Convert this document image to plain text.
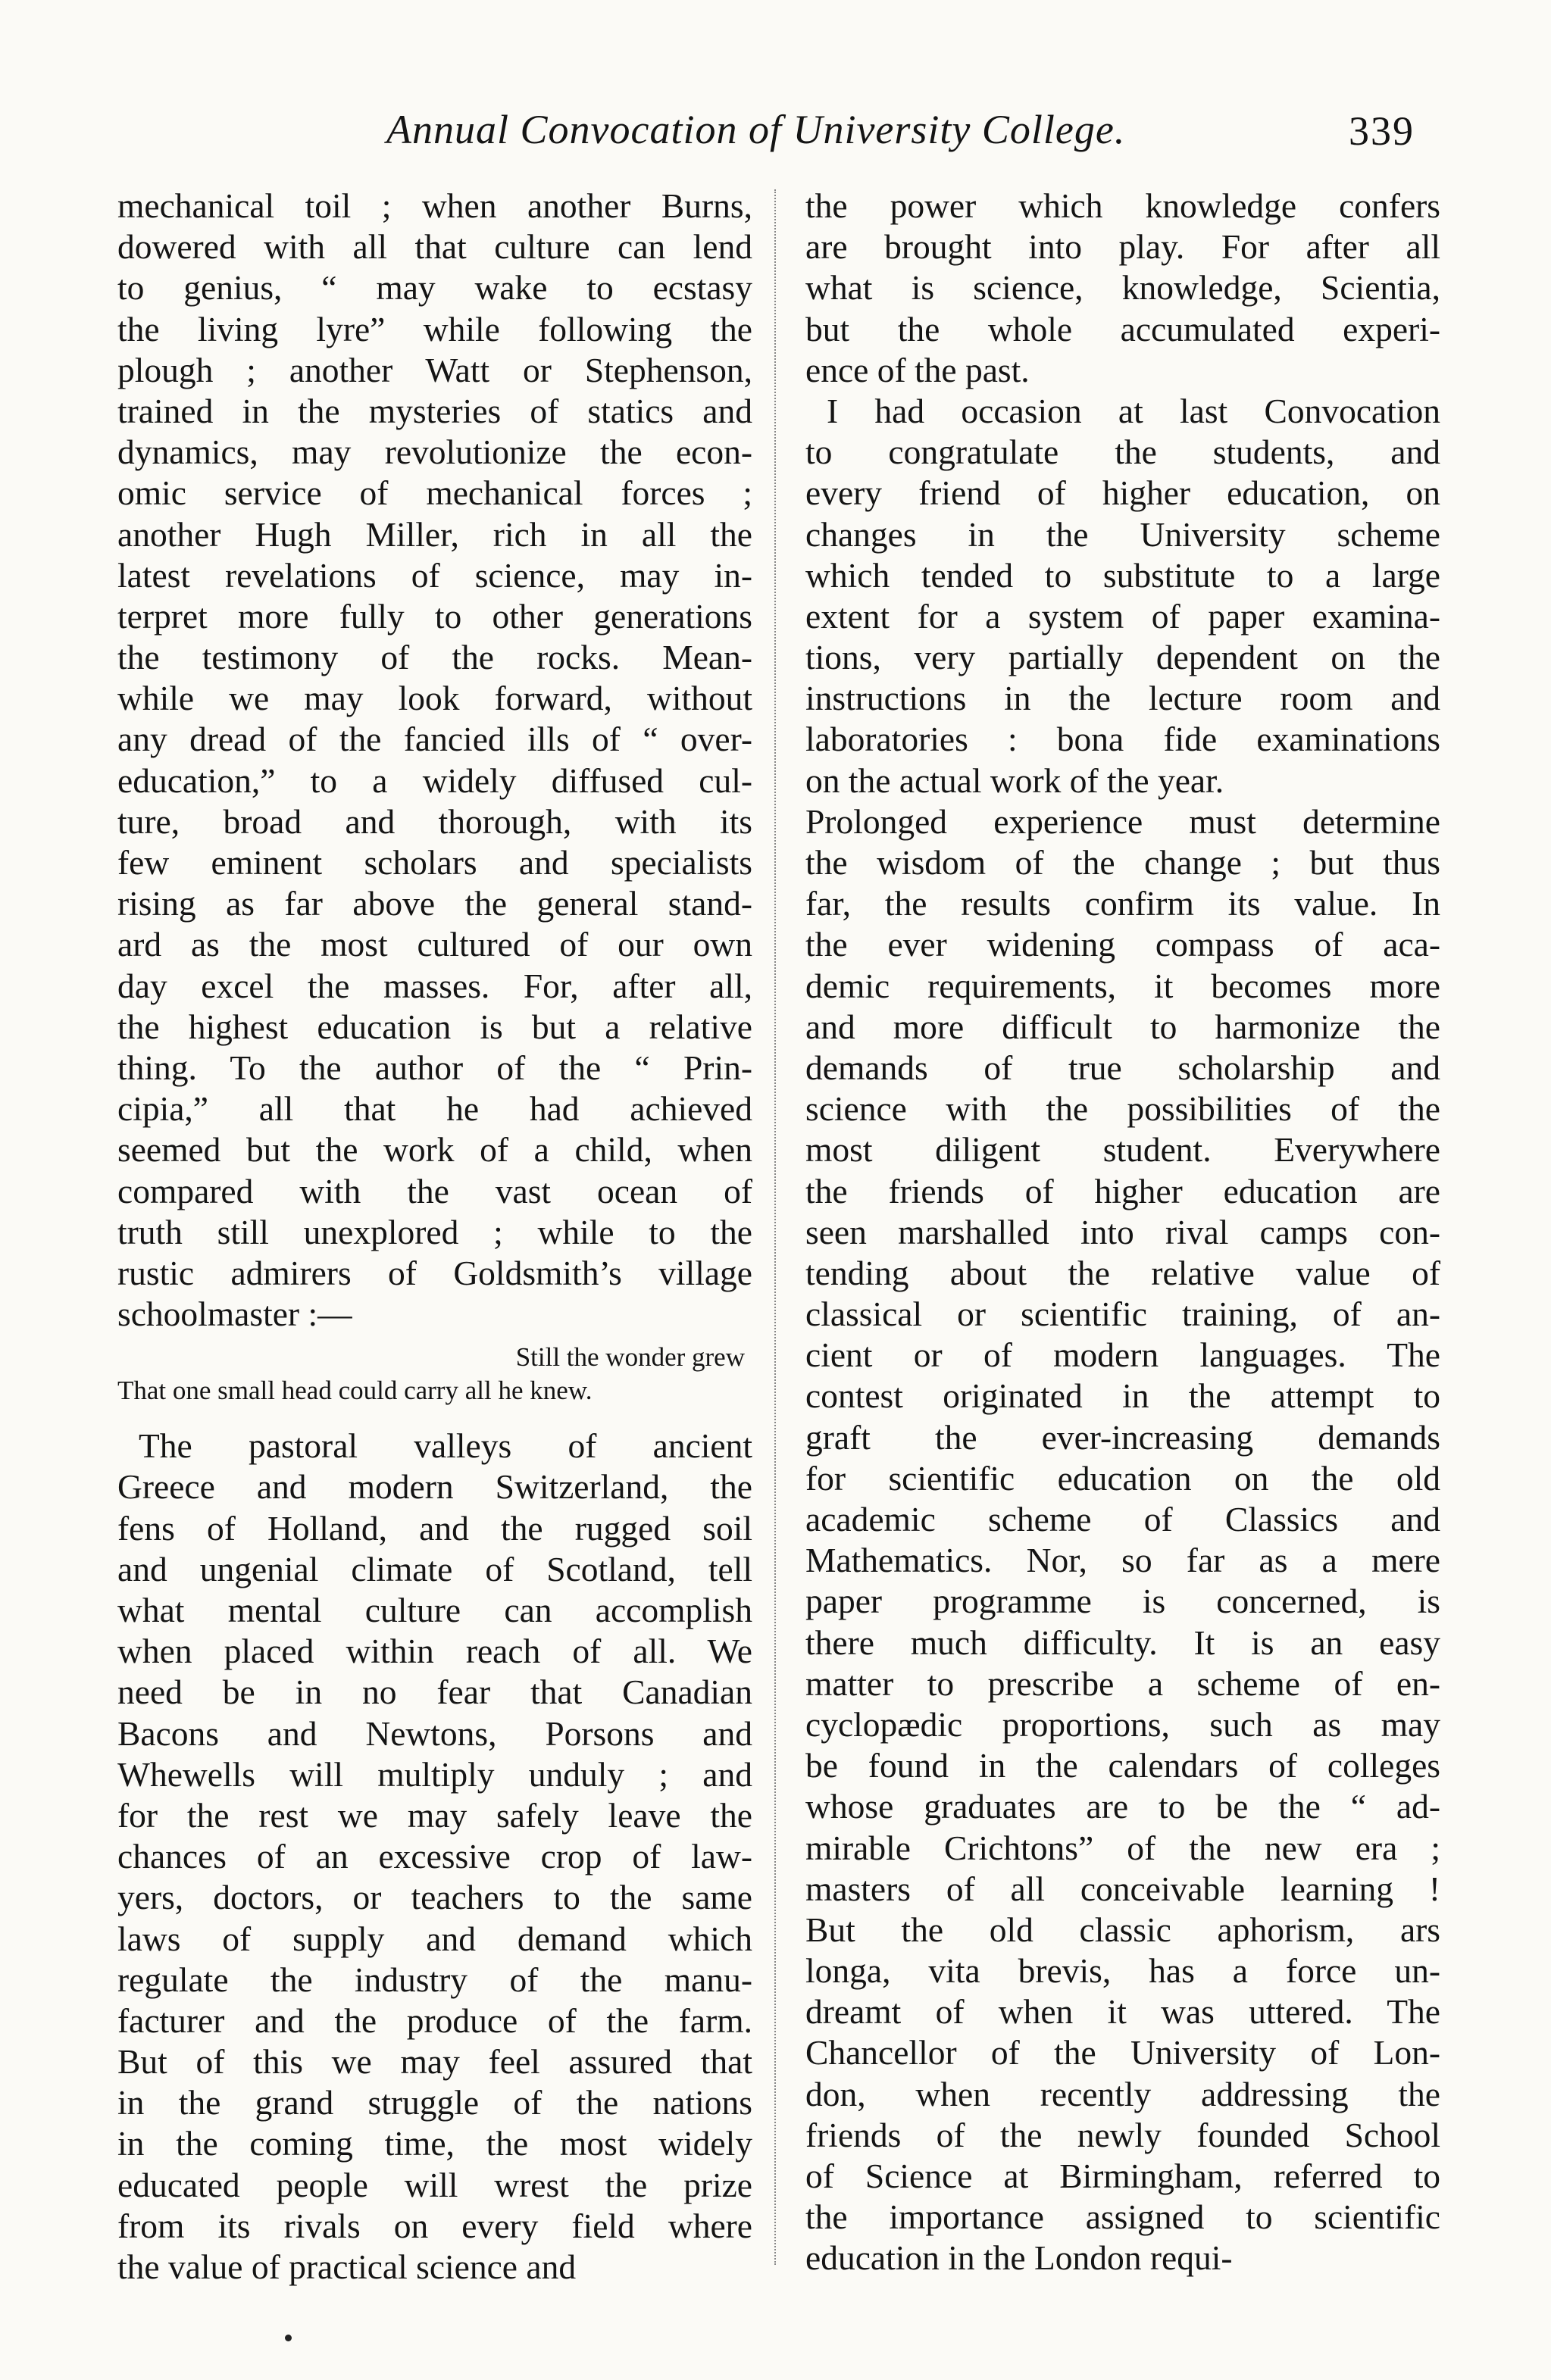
Annual Convocation of University College.	339
mechanical toil ; when another Burns,
dowered with all that culture can lend
to genius, “ may wake to ecstasy
the living lyre” while following the
plough ; another Watt or Stephenson,
trained in the mysteries of statics and
dynamics, may revolutionize the econ-
omic service of mechanical forces ;
another Hugh Miller, rich in all the
latest revelations of science, may in-
terpret more fully to other generations
the testimony of the rocks. Mean-
while we may look forward, without
any dread of the fancied ills of “ over-
education,” to a widely diffused cul-
ture, broad and thorough, with its
few eminent scholars and specialists
rising as far above the general stand-
ard as the most cultured of our own
day excel the masses. For, after all,
the highest education is but a relative
thing. To the author of the “ Prin-
cipia,” all that he had achieved
seemed but the work of a child, when
compared with the vast ocean of
truth still unexplored ; while to the
rustic admirers of Goldsmith’s village
schoolmaster :—
Still the wonder grew
That one small head could carry all he knew.
The pastoral valleys of ancient
Greece and modern Switzerland, the
fens of Holland, and the rugged soil
and ungenial climate of Scotland, tell
what mental culture can accomplish
when placed within reach of all. We
need be in no fear that Canadian
Bacons and Newtons, Porsons and
Whewells will multiply unduly ; and
for the rest we may safely leave the
chances of an excessive crop of law-
yers, doctors, or teachers to the same
laws of supply and demand which
regulate the industry of the manu-
facturer and the produce of the farm.
But of this we may feel assured that
in the grand struggle of the nations
in the coming time, the most widely
educated people will wrest the prize
from its rivals on every field where
the value of practical science and
the power which knowledge confers
are brought into play. For after all
what is science, knowledge, Scientia,
but the whole accumulated experi-
ence of the past.
I had occasion at last Convocation
to congratulate the students, and
every friend of higher education, on
changes in the University scheme
which tended to substitute to a large
extent for a system of paper examina-
tions, very partially dependent on the
instructions in the lecture room and
laboratories : bona fide examinations
on the actual work of the year.
Prolonged experience must determine
the wisdom of the change ; but thus
far, the results confirm its value. In
the ever widening compass of aca-
demic requirements, it becomes more
and more difficult to harmonize the
demands of true scholarship and
science with the possibilities of the
most diligent student. Everywhere
the friends of higher education are
seen marshalled into rival camps con-
tending about the relative value of
classical or scientific training, of an-
cient or of modern languages. The
contest originated in the attempt to
graft the ever-increasing demands
for scientific education on the old
academic scheme of Classics and
Mathematics. Nor, so far as a mere
paper programme is concerned, is
there much difficulty. It is an easy
matter to prescribe a scheme of en-
cyclopædic proportions, such as may
be found in the calendars of colleges
whose graduates are to be the “ ad-
mirable Crichtons” of the new era ;
masters of all conceivable learning !
But the old classic aphorism, ars
longa, vita brevis, has a force un-
dreamt of when it was uttered. The
Chancellor of the University of Lon-
don, when recently addressing the
friends of the newly founded School
of Science at Birmingham, referred to
the importance assigned to scientific
education in the London requi-
